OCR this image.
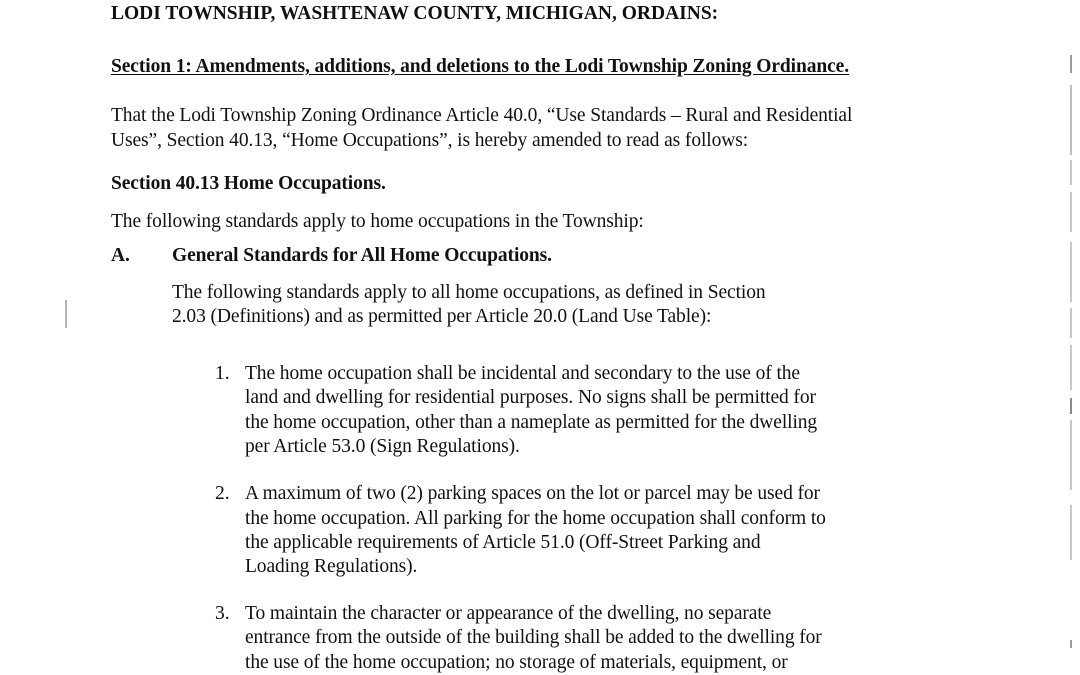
LODI TOWNSHIP, WASHTENAW COUNTY, MICHIGAN, ORDAINS:
Section 1: Amendments, additions, and deletions to the Lodi Township Zoning Ordinance.
That the Lodi Township Zoning Ordinance Article 40.0, “Use Standards – Rural and Residential
Uses”, Section 40.13, “Home Occupations”, is hereby amended to read as follows:
Section 40.13 Home Occupations.
The following standards apply to home occupations in the Township:
A. General Standards for All Home Occupations.
The following standards apply to all home occupations, as defined in Section
2.03 (Definitions) and as permitted per Article 20.0 (Land Use Table):
1. The home occupation shall be incidental and secondary to the use of the
land and dwelling for residential purposes. No signs shall be permitted for
the home occupation, other than a nameplate as permitted for the dwelling
per Article 53.0 (Sign Regulations).
2. A maximum of two (2) parking spaces on the lot or parcel may be used for
the home occupation. All parking for the home occupation shall conform to
the applicable requirements of Article 51.0 (Off-Street Parking and
Loading Regulations).
3. To maintain the character or appearance of the dwelling, no separate
entrance from the outside of the building shall be added to the dwelling for
the use of the home occupation; no storage of materials, equipment, or
